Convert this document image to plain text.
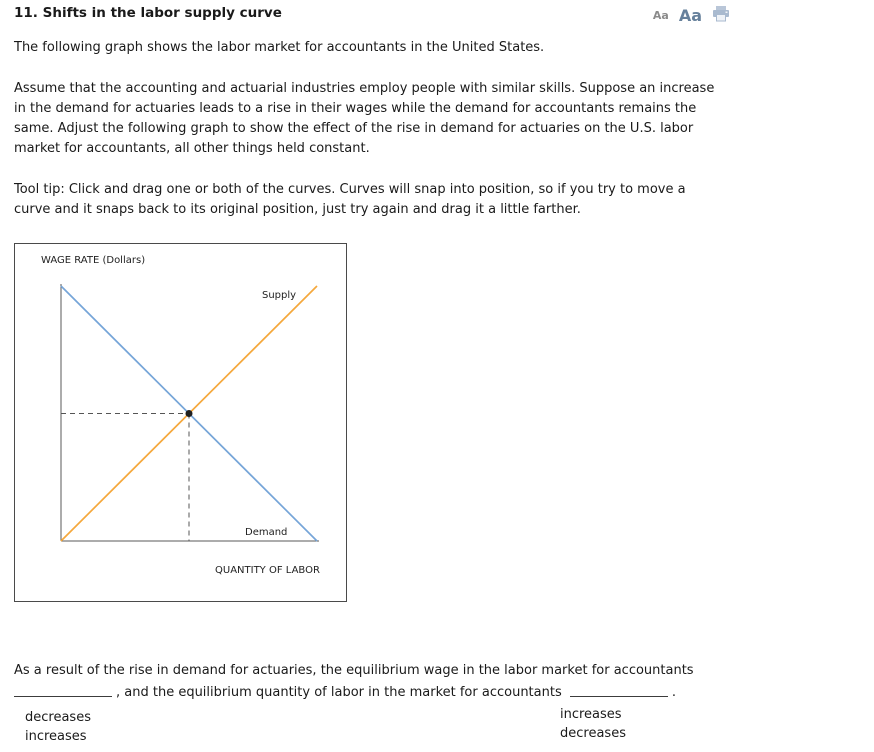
11. Shifts in the labor supply curve	Aa Aa

The following graph shows the labor market for accountants in the United States.

Assume that the accounting and actuarial industries employ people with similar skills. Suppose an increase in the demand for actuaries leads to a rise in their wages while the demand for accountants remains the same. Adjust the following graph to show the effect of the rise in demand for actuaries on the U.S. labor market for accountants, all other things held constant.

Tool tip: Click and drag one or both of the curves. Curves will snap into position, so if you try to move a curve and it snaps back to its original position, just try again and drag it a little farther.

WAGE RATE (Dollars)
Supply
Demand
QUANTITY OF LABOR

As a result of the rise in demand for actuaries, the equilibrium wage in the labor market for accountants

, and the equilibrium quantity of labor in the market for accountants	.

decreases
increases
increases
decreases
